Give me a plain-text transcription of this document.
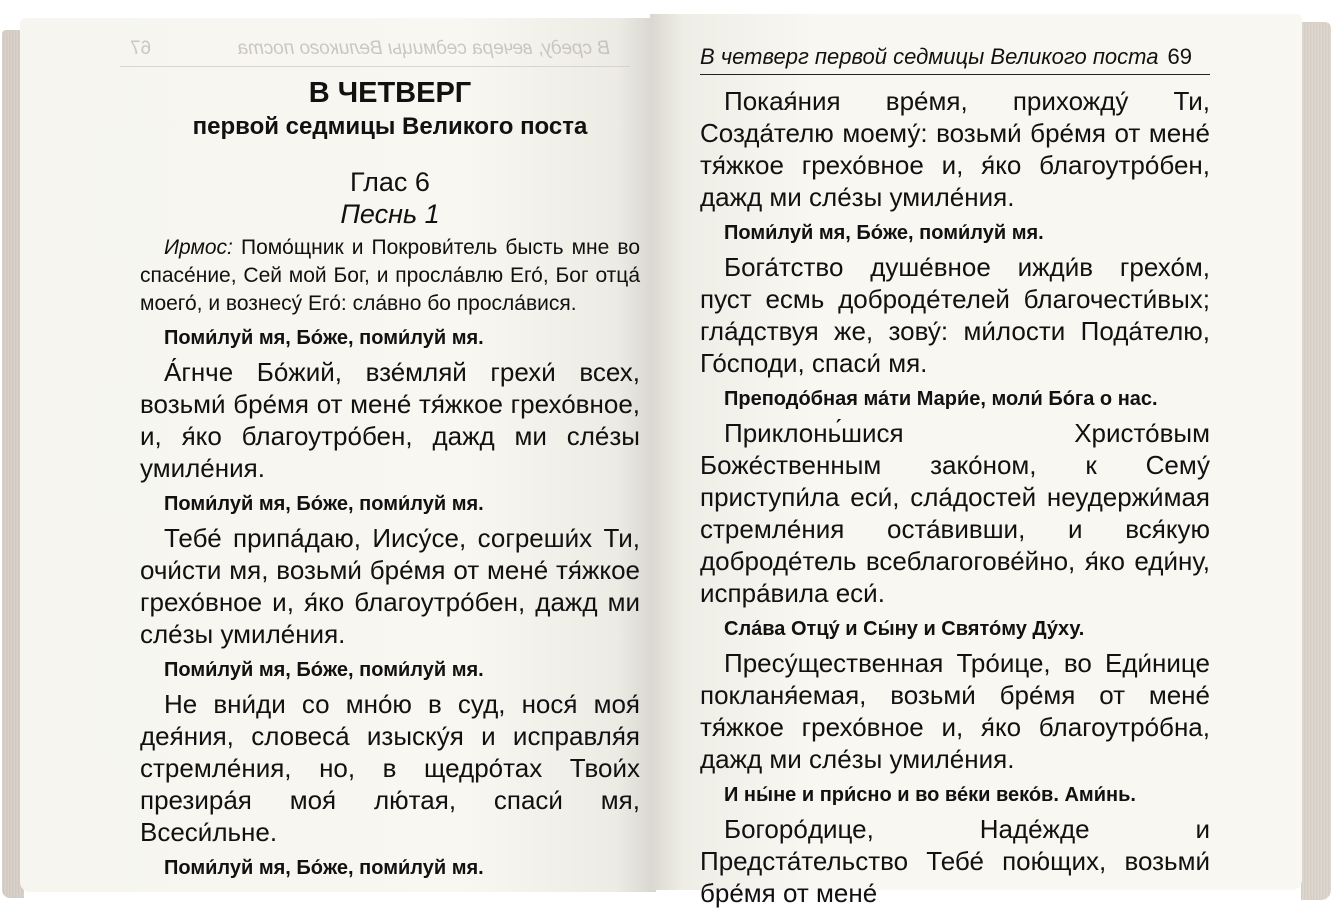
В среду, вечера седмицы Великого поста
67
В ЧЕТВЕРГ
первой седмицы Великого поста
Глас 6
Песнь 1
Ирмос: Помо́щник и Покрови́тель бысть мне во спасе́ние, Сей мой Бог, и просла́влю Его́, Бог отца́ моего́, и вознесу́ Его́: сла́вно бо просла́вися.
Поми́луй мя, Бо́же, поми́луй мя.
А́гнче Бо́жий, взе́мляй грехи́ всех, возьми́ бре́мя от мене́ тя́жкое грехо́вное, и, я́ко благоутро́бен, дажд ми сле́зы умиле́ния.
Поми́луй мя, Бо́же, поми́луй мя.
Тебе́ припа́даю, Иису́се, согреши́х Ти, очи́сти мя, возьми́ бре́мя от мене́ тя́жкое грехо́вное и, я́ко благоутро́бен, дажд ми сле́зы умиле́ния.
Поми́луй мя, Бо́же, поми́луй мя.
Не вни́ди со мно́ю в суд, нося́ моя́ дея́ния, словеса́ изыску́я и исправля́я стремле́ния, но, в щедро́тах Твои́х презира́я моя́ лю́тая, спаси́ мя, Всеси́льне.
Поми́луй мя, Бо́же, поми́луй мя.
В четверг первой седмицы Великого поста 69
Покая́ния вре́мя, прихожду́ Ти, Созда́телю моему́: возьми́ бре́мя от мене́ тя́жкое грехо́вное и, я́ко благоутро́бен, дажд ми сле́зы умиле́ния.
Поми́луй мя, Бо́же, поми́луй мя.
Бога́тство душе́вное ижди́в грехо́м, пуст есмь доброде́телей благочести́вых; гла́дствуя же, зову́: ми́лости Пода́телю, Го́споди, спаси́ мя.
Преподо́бная ма́ти Мари́е, моли́ Бо́га о нас.
Приклонь́шися Христо́вым Боже́ственным зако́ном, к Сему́ приступи́ла еси́, сла́достей неудержи́мая стремле́ния оста́вивши, и вся́кую доброде́тель всеблагогове́йно, я́ко еди́ну, испра́вила еси́.
Сла́ва Отцу́ и Сы́ну и Свято́му Ду́ху.
Пресу́щественная Тро́ице, во Еди́нице покланя́емая, возьми́ бре́мя от мене́ тя́жкое грехо́вное и, я́ко благоутро́бна, дажд ми сле́зы умиле́ния.
И ны́не и при́сно и во ве́ки веко́в. Ами́нь.
Богоро́дице, Наде́жде и Предста́тельство Тебе́ пою́щих, возьми́ бре́мя от мене́
